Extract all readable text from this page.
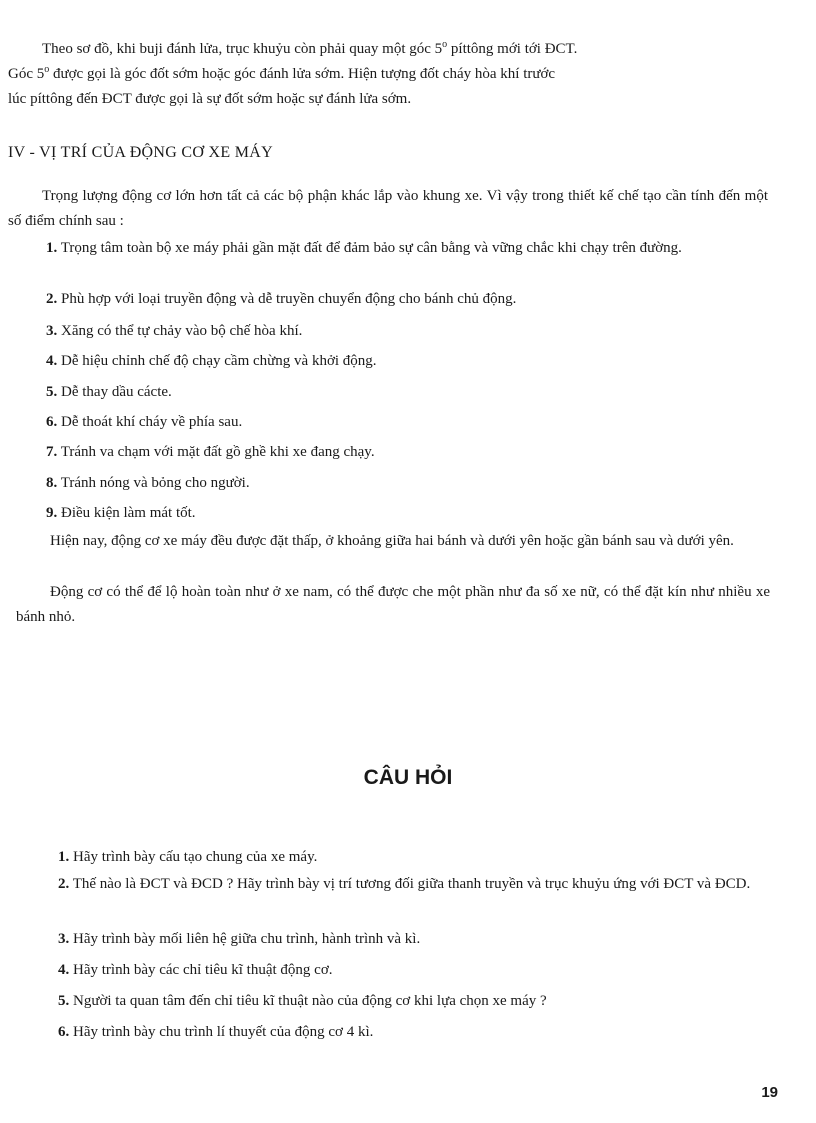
Theo sơ đồ, khi buji đánh lửa, trục khuỷu còn phải quay một góc 5$^o$ píttông mới tới ĐCT.
Góc 5$^o$ được gọi là góc đốt sớm hoặc góc đánh lửa sớm. Hiện tượng đốt cháy hòa khí trước
lúc píttông đến ĐCT được gọi là sự đốt sớm hoặc sự đánh lửa sớm.
IV - VỊ TRÍ CỦA ĐỘNG CƠ XE MÁY

Trọng lượng động cơ lớn hơn tất cả các bộ phận khác lắp vào khung xe. Vì vậy trong thiết kế chế tạo cần tính đến một số điểm chính sau :

1. Trọng tâm toàn bộ xe máy phải gần mặt đất để đảm bảo sự cân bằng và vững chắc khi chạy trên đường.

2. Phù hợp với loại truyền động và dễ truyền chuyển động cho bánh chủ động.

3. Xăng có thể tự chảy vào bộ chế hòa khí.

4. Dễ hiệu chỉnh chế độ chạy cầm chừng và khởi động.

5. Dễ thay dầu cácte.

6. Dễ thoát khí cháy về phía sau.

7. Tránh va chạm với mặt đất gồ ghề khi xe đang chạy.

8. Tránh nóng và bỏng cho người.

9. Điều kiện làm mát tốt.

Hiện nay, động cơ xe máy đều được đặt thấp, ở khoảng giữa hai bánh và dưới yên hoặc gần bánh sau và dưới yên.

Động cơ có thể để lộ hoàn toàn như ở xe nam, có thể được che một phần như đa số xe nữ, có thể đặt kín như nhiều xe bánh nhỏ.

CÂU HỎI

1. Hãy trình bày cấu tạo chung của xe máy.

2. Thế nào là ĐCT và ĐCD ? Hãy trình bày vị trí tương đối giữa thanh truyền và trục khuỷu ứng với ĐCT và ĐCD.

3. Hãy trình bày mối liên hệ giữa chu trình, hành trình và kì.

4. Hãy trình bày các chỉ tiêu kĩ thuật động cơ.

5. Người ta quan tâm đến chỉ tiêu kĩ thuật nào của động cơ khi lựa chọn xe máy ?

6. Hãy trình bày chu trình lí thuyết của động cơ 4 kì.

19
